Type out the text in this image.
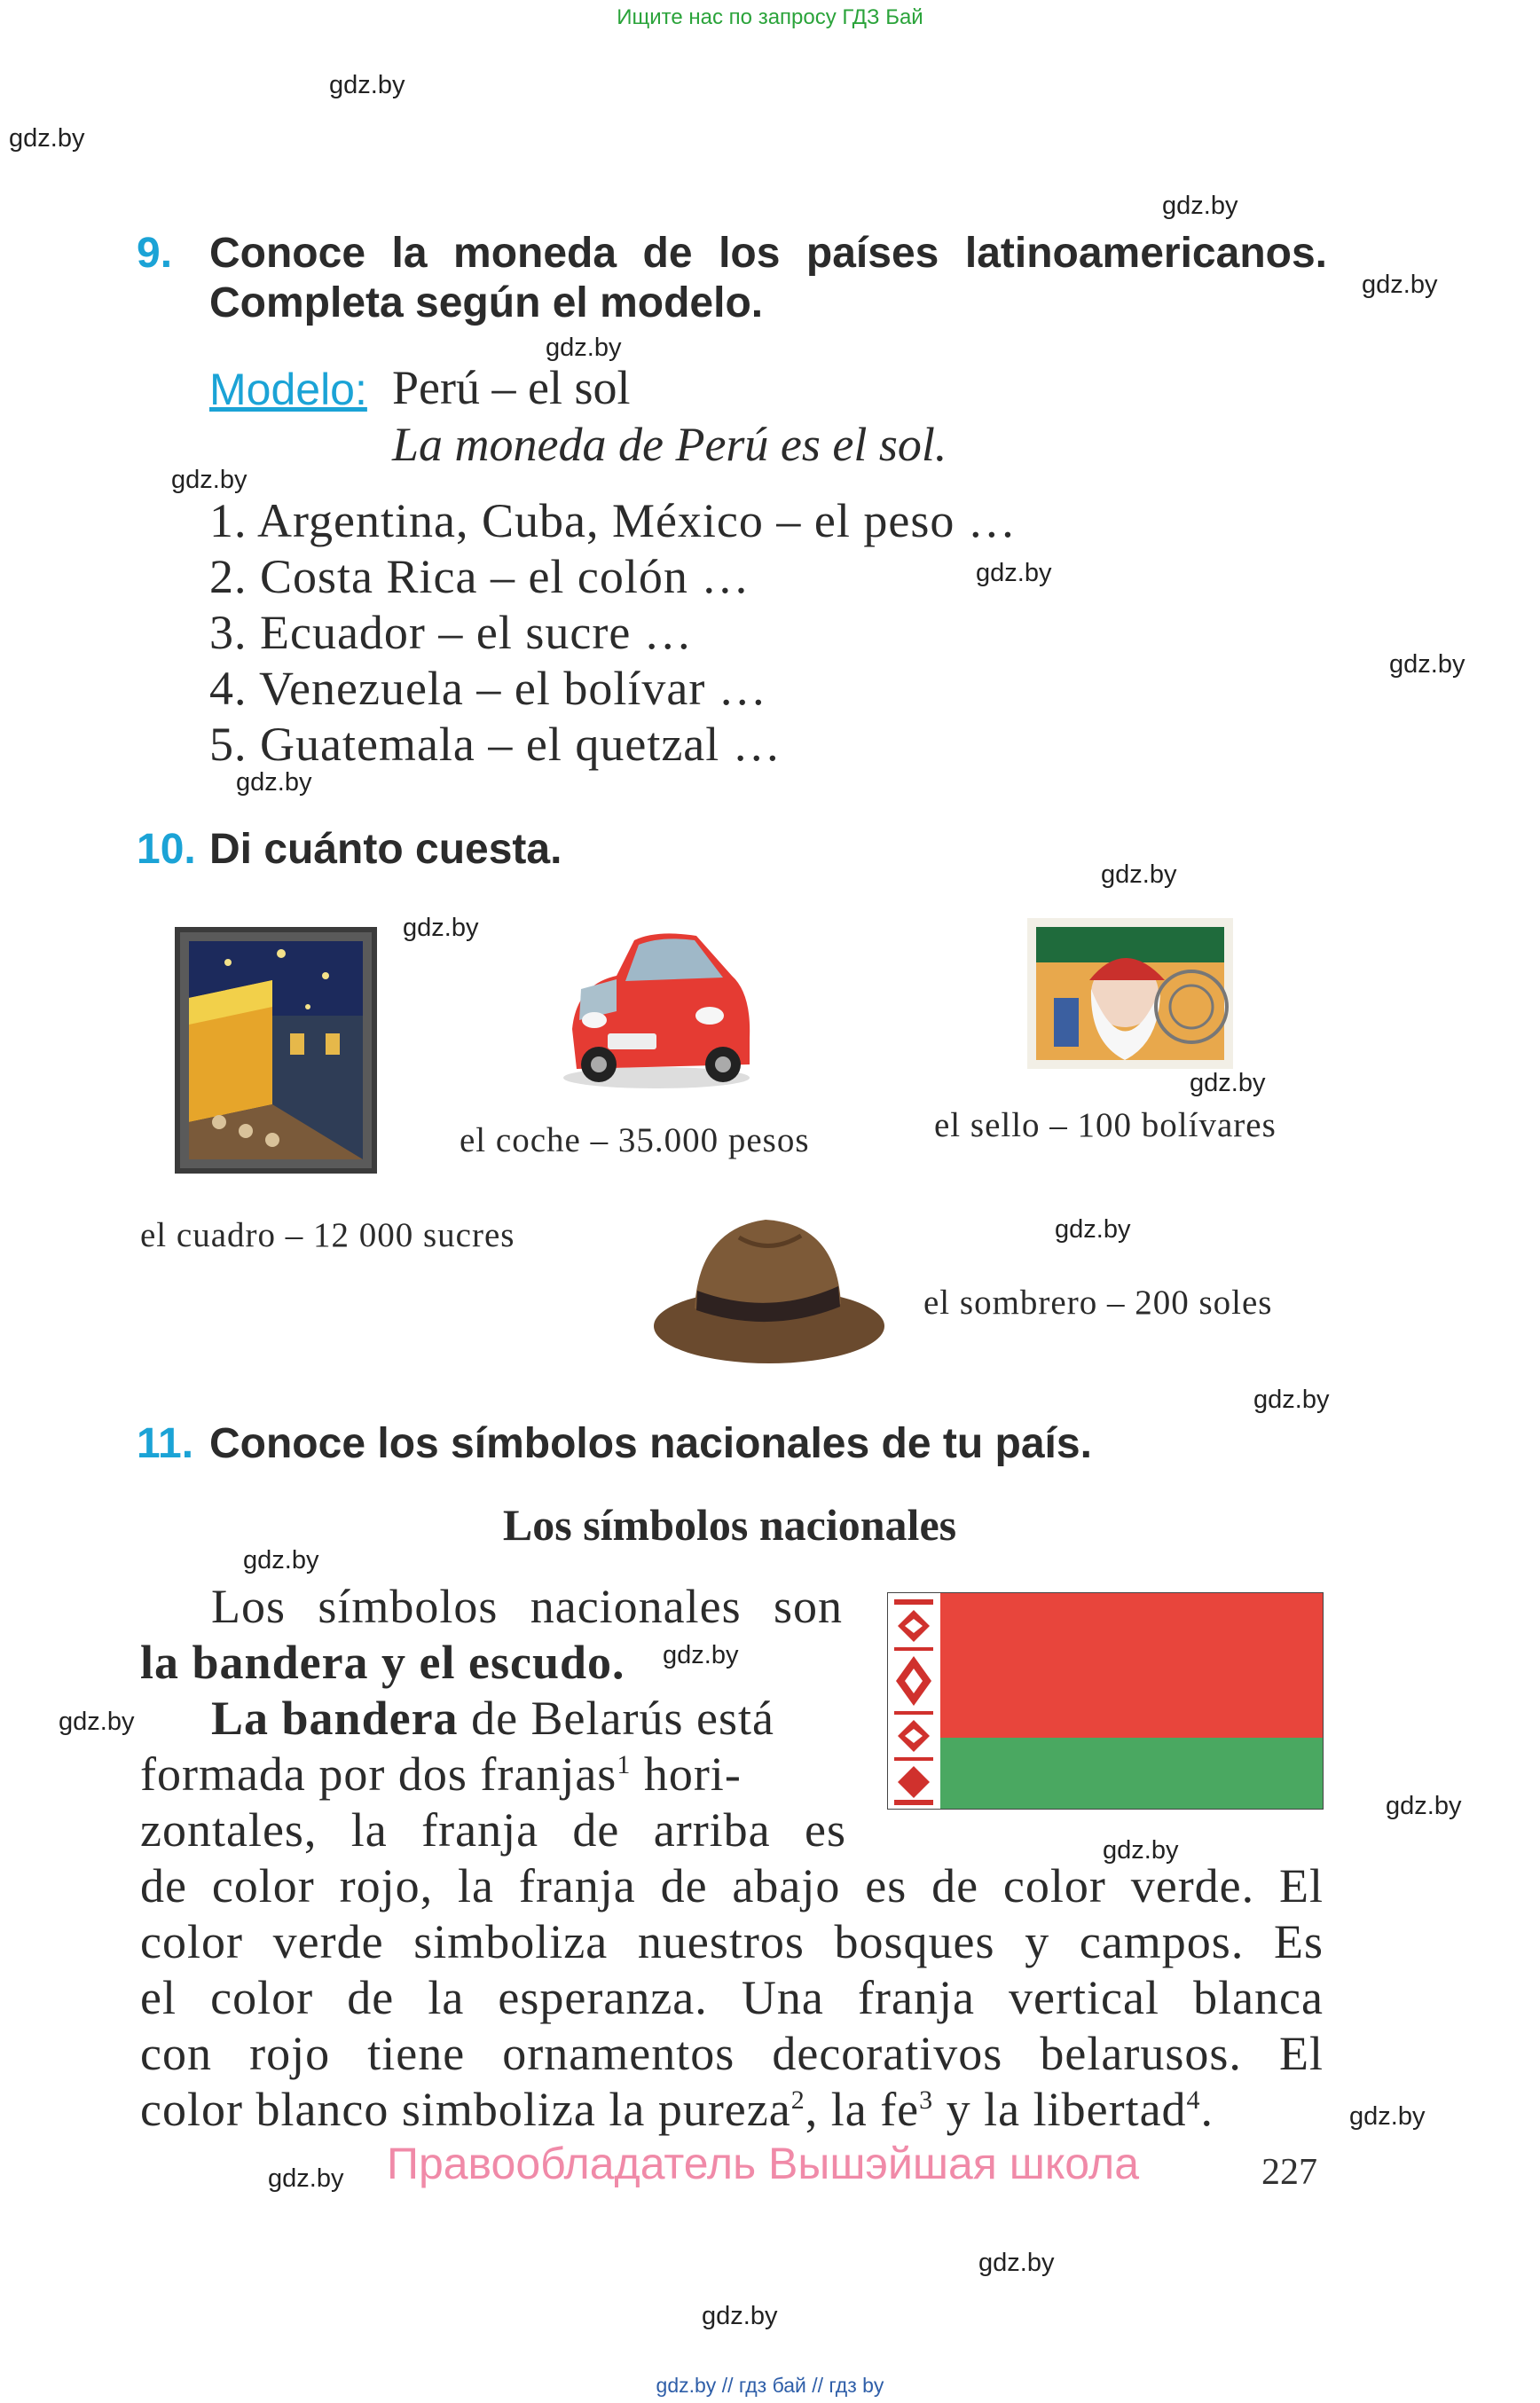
Ищите нас по запросу ГДЗ Бай
gdz.by
gdz.by
gdz.by
gdz.by
gdz.by
gdz.by
gdz.by
gdz.by
gdz.by
gdz.by
gdz.by
gdz.by
gdz.by
gdz.by
gdz.by
gdz.by
gdz.by
gdz.by
gdz.by
gdz.by
gdz.by
gdz.by
gdz.by
9. Conoce la moneda de los países latinoamericanos.
Completa según el modelo.
Modelo: Perú – el sol
La moneda de Perú es el sol.
1. Argentina, Cuba, México – el peso …
2. Costa Rica – el colón …
3. Ecuador – el sucre …
4. Venezuela – el bolívar …
5. Guatemala – el quetzal …
10. Di cuánto cuesta.
el coche – 35.000 pesos	el sello – 100 bolívares
el cuadro – 12 000 sucres
el sombrero – 200 soles
11. Conoce los símbolos nacionales de tu país.
Los símbolos nacionales
Los símbolos nacionales son
la bandera y el escudo.
La bandera de Belarús está
formada por dos franjas$^1$ hori-
zontales, la franja de arriba es
de color rojo, la franja de abajo es de color verde. El
color verde simboliza nuestros bosques y campos. Es
el color de la esperanza. Una franja vertical blanca
con rojo tiene ornamentos decorativos belarusos. El
color blanco simboliza la pureza$^2$, la $fe^3$ y la libertad$^4$.
Правообладатель Вышэйшая школа	227
gdz.by // гдз бай // гдз by
